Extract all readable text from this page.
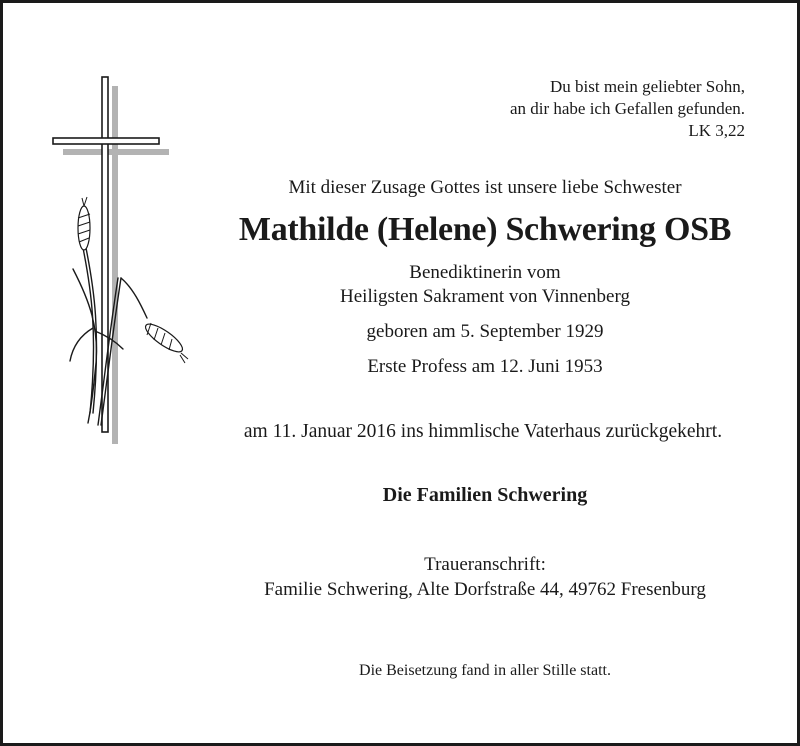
Du bist mein geliebter Sohn,
an dir habe ich Gefallen gefunden.
LK 3,22
Mit dieser Zusage Gottes ist unsere liebe Schwester
Mathilde (Helene) Schwering OSB
Benediktinerin vom
Heiligsten Sakrament von Vinnenberg
geboren am 5. September 1929
Erste Profess am 12. Juni 1953
am 11. Januar 2016 ins himmlische Vaterhaus zurückgekehrt.
Die Familien Schwering
Traueranschrift:
Familie Schwering, Alte Dorfstraße 44, 49762 Fresenburg
Die Beisetzung fand in aller Stille statt.
